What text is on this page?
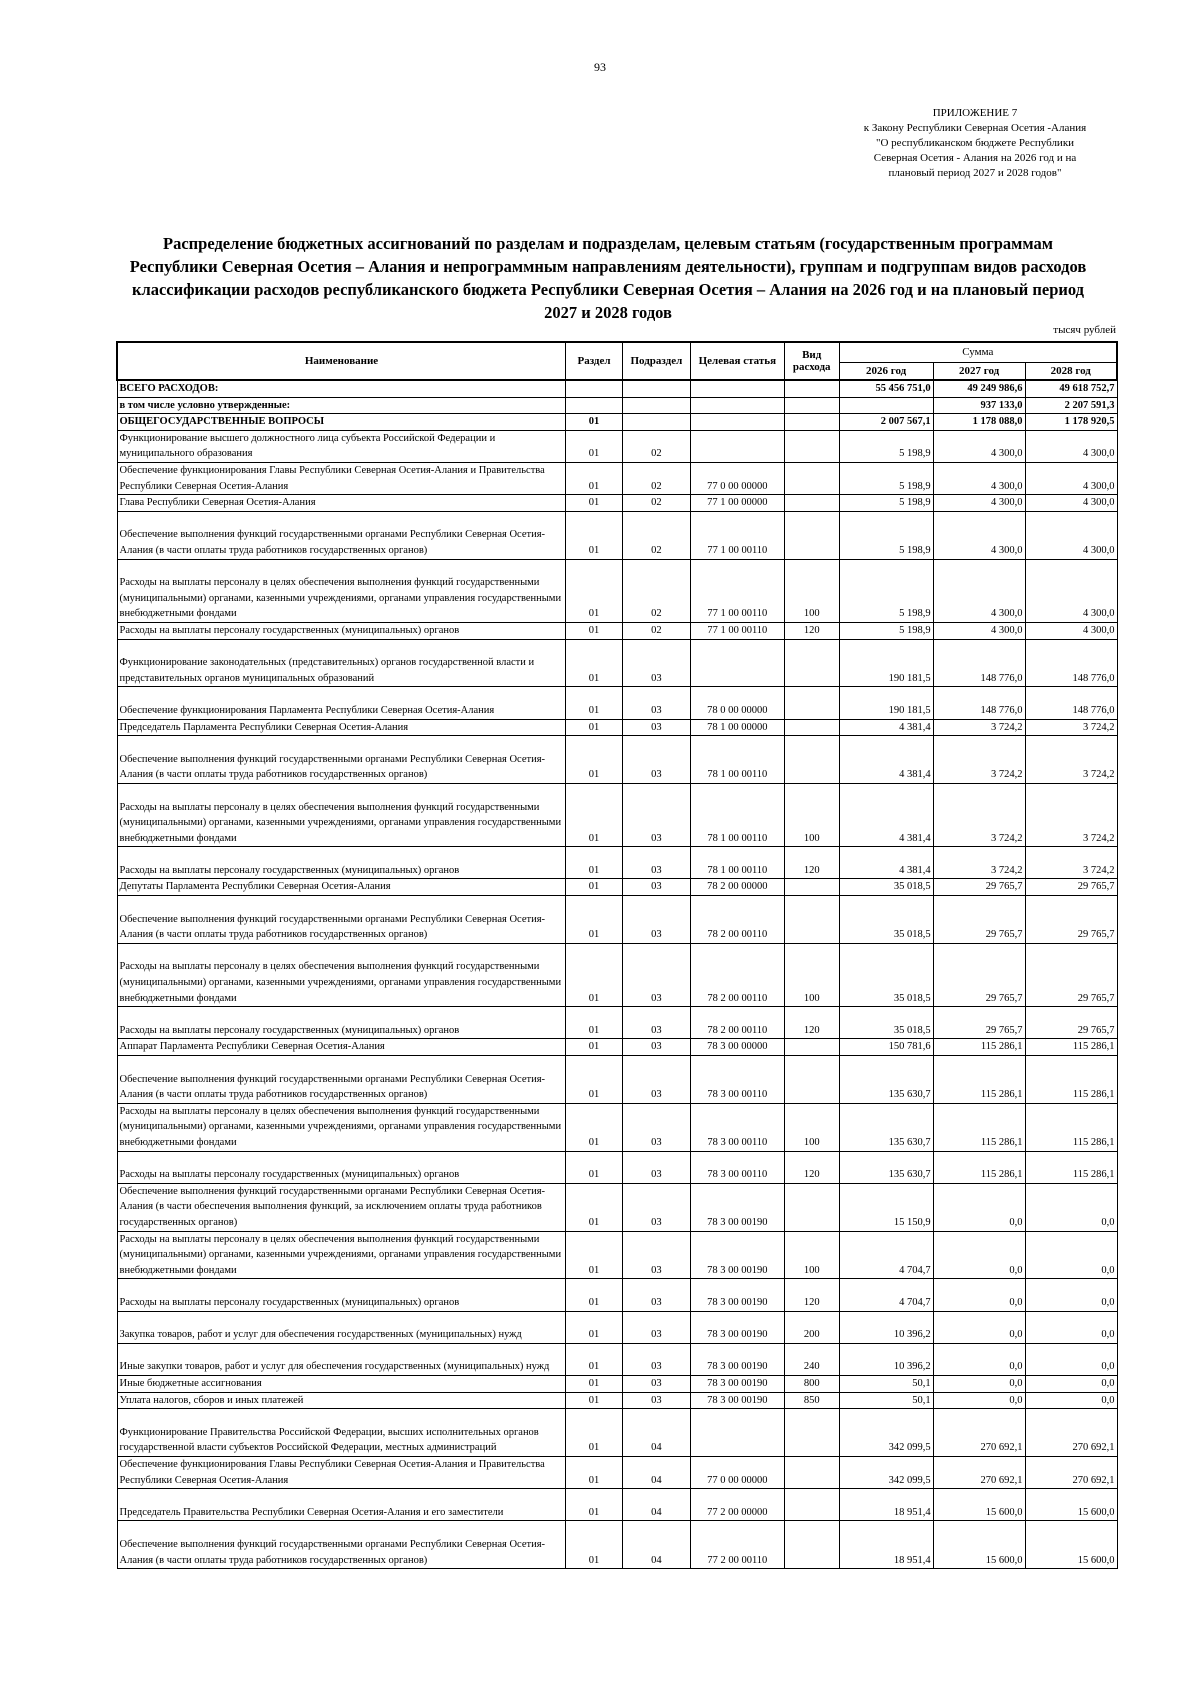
93
ПРИЛОЖЕНИЕ 7
к Закону Республики Северная Осетия -Алания
"О республиканском бюджете Республики
Северная Осетия - Алания на 2026 год и на
плановый период 2027 и 2028 годов"
Распределение бюджетных ассигнований по разделам и подразделам, целевым статьям (государственным программам Республики Северная Осетия – Алания и непрограммным направлениям деятельности), группам и подгруппам видов расходов классификации расходов республиканского бюджета Республики Северная Осетия – Алания на 2026 год и на плановый период 2027 и 2028 годов
тысяч рублей
Наименование	Раздел	Подраздел	Целевая статья	Вид расхода	Сумма		
					2026 год	2027 год	2028 год
ВСЕГО РАСХОДОВ:					55 456 751,0	49 249 986,6	49 618 752,7
в том числе условно утвержденные:						937 133,0	2 207 591,3
ОБЩЕГОСУДАРСТВЕННЫЕ ВОПРОСЫ	01				2 007 567,1	1 178 088,0	1 178 920,5
Функционирование высшего должностного лица субъекта Российской Федерации и муниципального образования	01	02			5 198,9	4 300,0	4 300,0
Обеспечение функционирования Главы Республики Северная Осетия-Алания и Правительства Республики Северная Осетия-Алания	01	02	77 0 00 00000		5 198,9	4 300,0	4 300,0
Глава Республики Северная Осетия-Алания	01	02	77 1 00 00000		5 198,9	4 300,0	4 300,0
Обеспечение выполнения функций государственными органами Республики Северная Осетия-Алания (в части оплаты труда работников государственных органов)	01	02	77 1 00 00110		5 198,9	4 300,0	4 300,0
Расходы на выплаты персоналу в целях обеспечения выполнения функций государственными (муниципальными) органами, казенными учреждениями, органами управления государственными внебюджетными фондами	01	02	77 1 00 00110	100	5 198,9	4 300,0	4 300,0
Расходы на выплаты персоналу государственных (муниципальных) органов	01	02	77 1 00 00110	120	5 198,9	4 300,0	4 300,0
Функционирование законодательных (представительных) органов государственной власти и представительных органов муниципальных образований	01	03			190 181,5	148 776,0	148 776,0
Обеспечение функционирования Парламента Республики Северная Осетия-Алания	01	03	78 0 00 00000		190 181,5	148 776,0	148 776,0
Председатель Парламента Республики Северная Осетия-Алания	01	03	78 1 00 00000		4 381,4	3 724,2	3 724,2
Обеспечение выполнения функций государственными органами Республики Северная Осетия-Алания (в части оплаты труда работников государственных органов)	01	03	78 1 00 00110		4 381,4	3 724,2	3 724,2
Расходы на выплаты персоналу в целях обеспечения выполнения функций государственными (муниципальными) органами, казенными учреждениями, органами управления государственными внебюджетными фондами	01	03	78 1 00 00110	100	4 381,4	3 724,2	3 724,2
Расходы на выплаты персоналу государственных (муниципальных) органов	01	03	78 1 00 00110	120	4 381,4	3 724,2	3 724,2
Депутаты Парламента Республики Северная Осетия-Алания	01	03	78 2 00 00000		35 018,5	29 765,7	29 765,7
Обеспечение выполнения функций государственными органами Республики Северная Осетия-Алания (в части оплаты труда работников государственных органов)	01	03	78 2 00 00110		35 018,5	29 765,7	29 765,7
Расходы на выплаты персоналу в целях обеспечения выполнения функций государственными (муниципальными) органами, казенными учреждениями, органами управления государственными внебюджетными фондами	01	03	78 2 00 00110	100	35 018,5	29 765,7	29 765,7
Расходы на выплаты персоналу государственных (муниципальных) органов	01	03	78 2 00 00110	120	35 018,5	29 765,7	29 765,7
Аппарат Парламента Республики Северная Осетия-Алания	01	03	78 3 00 00000		150 781,6	115 286,1	115 286,1
Обеспечение выполнения функций государственными органами Республики Северная Осетия-Алания (в части оплаты труда работников государственных органов)	01	03	78 3 00 00110		135 630,7	115 286,1	115 286,1
Расходы на выплаты персоналу в целях обеспечения выполнения функций государственными (муниципальными) органами, казенными учреждениями, органами управления государственными внебюджетными фондами	01	03	78 3 00 00110	100	135 630,7	115 286,1	115 286,1
Расходы на выплаты персоналу государственных (муниципальных) органов	01	03	78 3 00 00110	120	135 630,7	115 286,1	115 286,1
Обеспечение выполнения функций государственными органами Республики Северная Осетия-Алания (в части обеспечения выполнения функций, за исключением оплаты труда работников государственных органов)	01	03	78 3 00 00190		15 150,9	0,0	0,0
Расходы на выплаты персоналу в целях обеспечения выполнения функций государственными (муниципальными) органами, казенными учреждениями, органами управления государственными внебюджетными фондами	01	03	78 3 00 00190	100	4 704,7	0,0	0,0
Расходы на выплаты персоналу государственных (муниципальных) органов	01	03	78 3 00 00190	120	4 704,7	0,0	0,0
Закупка товаров, работ и услуг для обеспечения государственных (муниципальных) нужд	01	03	78 3 00 00190	200	10 396,2	0,0	0,0
Иные закупки товаров, работ и услуг для обеспечения государственных (муниципальных) нужд	01	03	78 3 00 00190	240	10 396,2	0,0	0,0
Иные бюджетные ассигнования	01	03	78 3 00 00190	800	50,1	0,0	0,0
Уплата налогов, сборов и иных платежей	01	03	78 3 00 00190	850	50,1	0,0	0,0
Функционирование Правительства Российской Федерации, высших исполнительных органов государственной власти субъектов Российской Федерации, местных администраций	01	04			342 099,5	270 692,1	270 692,1
Обеспечение функционирования Главы Республики Северная Осетия-Алания и Правительства Республики Северная Осетия-Алания	01	04	77 0 00 00000		342 099,5	270 692,1	270 692,1
Председатель Правительства Республики Северная Осетия-Алания и его заместители	01	04	77 2 00 00000		18 951,4	15 600,0	15 600,0
Обеспечение выполнения функций государственными органами Республики Северная Осетия-Алания (в части оплаты труда работников государственных органов)	01	04	77 2 00 00110		18 951,4	15 600,0	15 600,0
